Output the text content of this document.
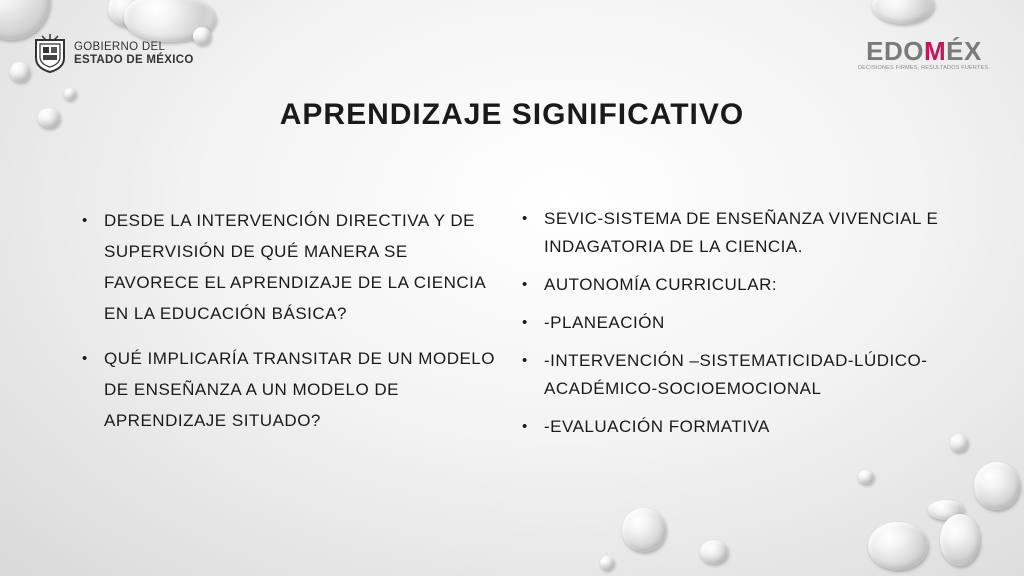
GOBIERNO DEL
ESTADO DE MÉXICO	EDOMÉX
DECISIONES FIRMES, RESULTADOS FUERTES.
APRENDIZAJE SIGNIFICATIVO
• DESDE LA INTERVENCIÓN DIRECTIVA Y DE SUPERVISIÓN DE QUÉ MANERA SE FAVORECE EL APRENDIZAJE DE LA CIENCIA EN LA EDUCACIÓN BÁSICA?
• QUÉ IMPLICARÍA TRANSITAR DE UN MODELO DE ENSEÑANZA A UN MODELO DE APRENDIZAJE SITUADO?
• SEVIC-SISTEMA DE ENSEÑANZA VIVENCIAL E INDAGATORIA DE LA CIENCIA.
• AUTONOMÍA CURRICULAR:
• -PLANEACIÓN
• -INTERVENCIÓN –SISTEMATICIDAD-LÚDICO-ACADÉMICO-SOCIOEMOCIONAL
• -EVALUACIÓN FORMATIVA
